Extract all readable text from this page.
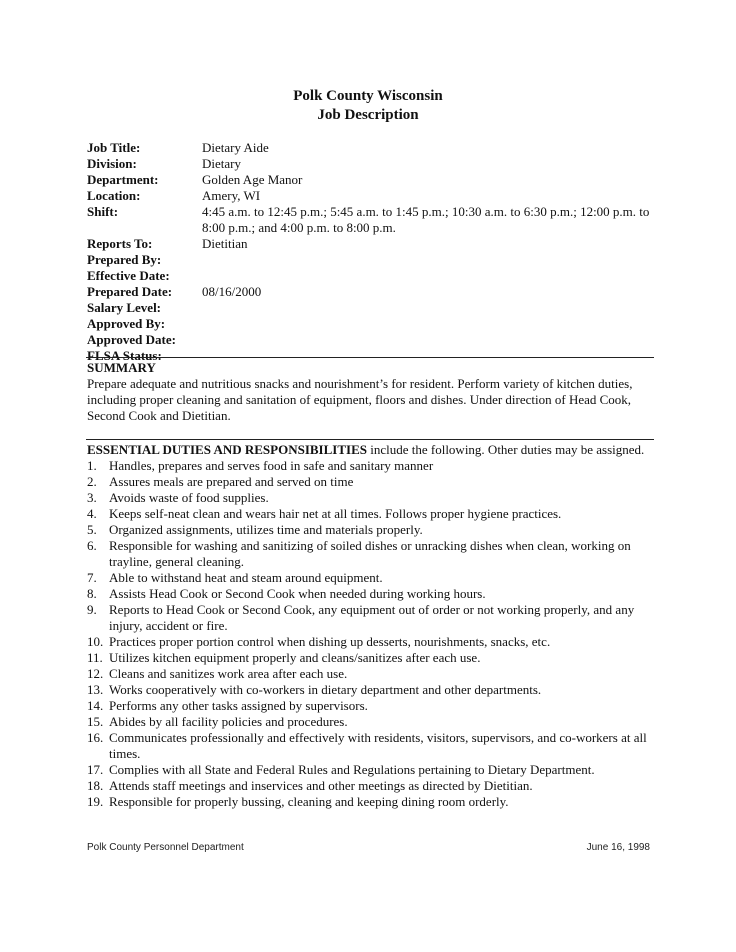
Polk County Wisconsin
Job Description
Job Title:	Dietary Aide
Division:	Dietary
Department:	Golden Age Manor
Location:	Amery, WI
Shift:	4:45 a.m. to 12:45 p.m.; 5:45 a.m. to 1:45 p.m.; 10:30 a.m. to 6:30 p.m.; 12:00 p.m. to 8:00 p.m.; and 4:00 p.m. to 8:00 p.m.
Reports To:	Dietitian
Prepared By:
Effective Date:
Prepared Date:	08/16/2000
Salary Level:
Approved By:
Approved Date:
FLSA Status:
SUMMARY
Prepare adequate and nutritious snacks and nourishment’s for resident. Perform variety of kitchen duties, including proper cleaning and sanitation of equipment, floors and dishes. Under direction of Head Cook, Second Cook and Dietitian.
ESSENTIAL DUTIES AND RESPONSIBILITIES include the following. Other duties may be assigned.
1. Handles, prepares and serves food in safe and sanitary manner
2. Assures meals are prepared and served on time
3. Avoids waste of food supplies.
4. Keeps self-neat clean and wears hair net at all times. Follows proper hygiene practices.
5. Organized assignments, utilizes time and materials properly.
6. Responsible for washing and sanitizing of soiled dishes or unracking dishes when clean, working on trayline, general cleaning.
7. Able to withstand heat and steam around equipment.
8. Assists Head Cook or Second Cook when needed during working hours.
9. Reports to Head Cook or Second Cook, any equipment out of order or not working properly, and any injury, accident or fire.
10. Practices proper portion control when dishing up desserts, nourishments, snacks, etc.
11. Utilizes kitchen equipment properly and cleans/sanitizes after each use.
12. Cleans and sanitizes work area after each use.
13. Works cooperatively with co-workers in dietary department and other departments.
14. Performs any other tasks assigned by supervisors.
15. Abides by all facility policies and procedures.
16. Communicates professionally and effectively with residents, visitors, supervisors, and co-workers at all times.
17. Complies with all State and Federal Rules and Regulations pertaining to Dietary Department.
18. Attends staff meetings and inservices and other meetings as directed by Dietitian.
19. Responsible for properly bussing, cleaning and keeping dining room orderly.
Polk County Personnel Department	June 16, 1998
